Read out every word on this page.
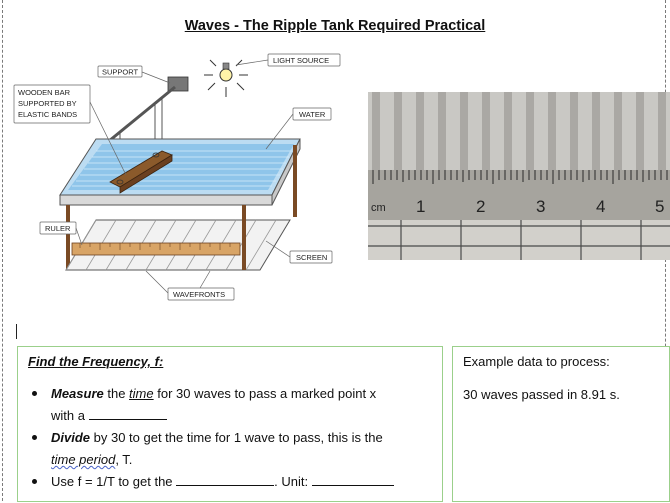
Waves - The Ripple Tank Required Practical
SUPPORT
LIGHT SOURCE
WOODEN BAR
SUPPORTED BY
ELASTIC BANDS	WATER
RULER
SCREEN
WAVEFRONTS
cm 1	2	3	4	5
Find the Frequency, f:
Measure the time for 30 waves to pass a marked point x
with a
Divide by 30 to get the time for 1 wave to pass, this is the
time period, T.
Use f = 1/T to get the	. Unit:
Example data to process:
30 waves passed in 8.91 s.
